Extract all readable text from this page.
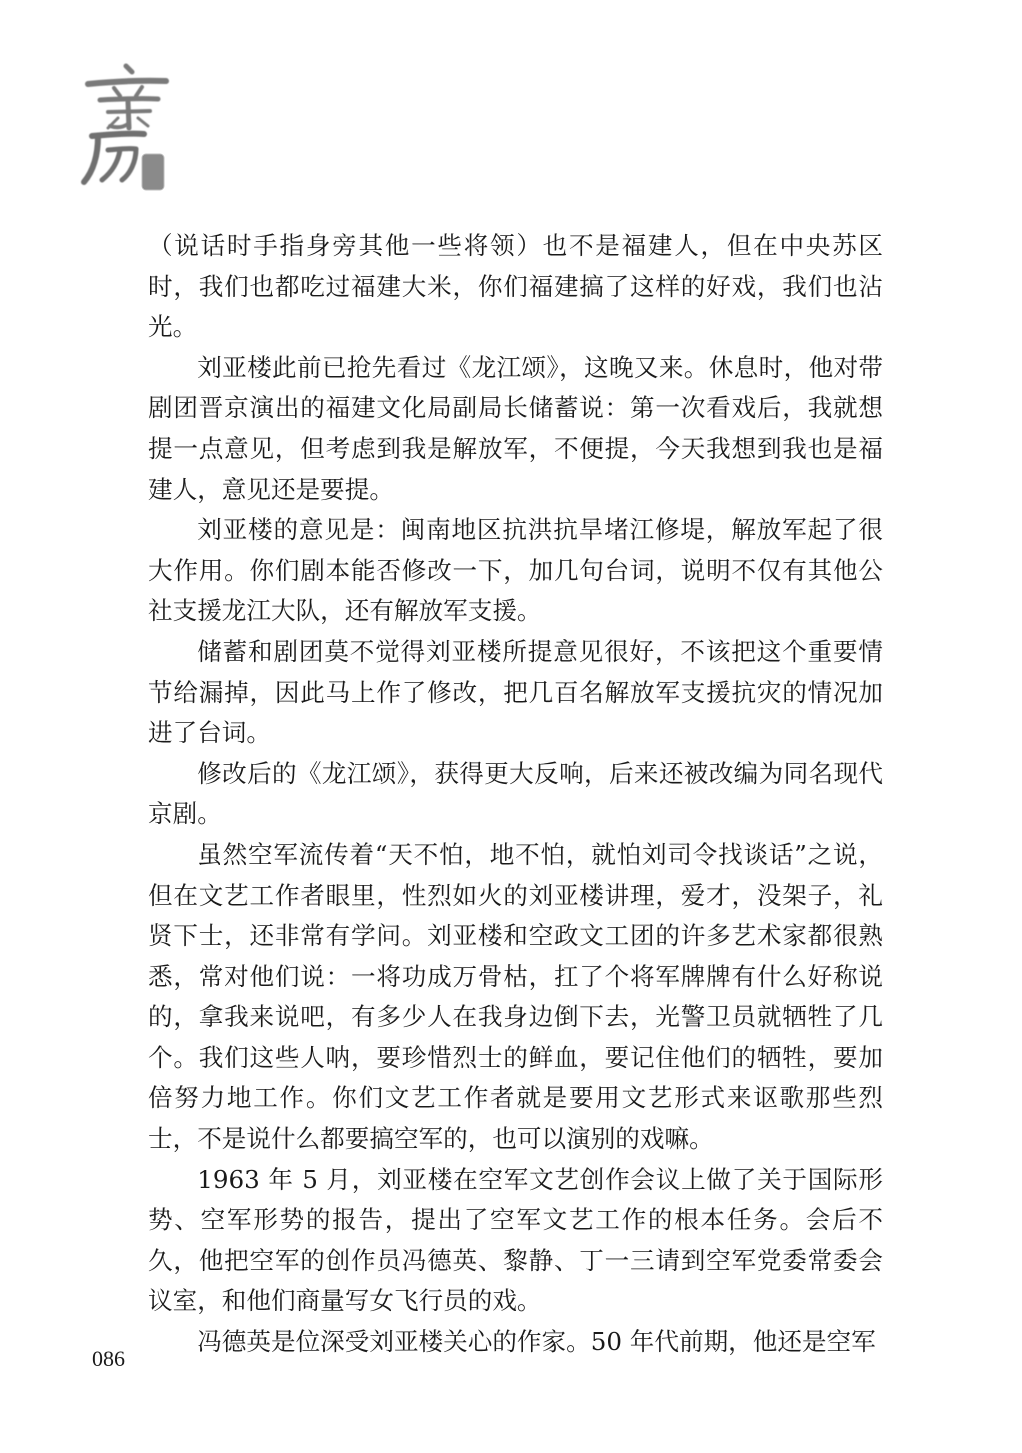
（说话时手指身旁其他一些将领）也不是福建人，但在中央苏区时，我们也都吃过福建大米，你们福建搞了这样的好戏，我们也沾光。

刘亚楼此前已抢先看过《龙江颂》，这晚又来。休息时，他对带剧团晋京演出的福建文化局副局长储蓄说：第一次看戏后，我就想提一点意见，但考虑到我是解放军，不便提，今天我想到我也是福建人，意见还是要提。

刘亚楼的意见是：闽南地区抗洪抗旱堵江修堤，解放军起了很大作用。你们剧本能否修改一下，加几句台词，说明不仅有其他公社支援龙江大队，还有解放军支援。

储蓄和剧团莫不觉得刘亚楼所提意见很好，不该把这个重要情节给漏掉，因此马上作了修改，把几百名解放军支援抗灾的情况加进了台词。

修改后的《龙江颂》，获得更大反响，后来还被改编为同名现代京剧。

虽然空军流传着“天不怕，地不怕，就怕刘司令找谈话”之说，但在文艺工作者眼里，性烈如火的刘亚楼讲理，爱才，没架子，礼贤下士，还非常有学问。刘亚楼和空政文工团的许多艺术家都很熟悉，常对他们说：一将功成万骨枯，扛了个将军牌牌有什么好称说的，拿我来说吧，有多少人在我身边倒下去，光警卫员就牺牲了几个。我们这些人呐，要珍惜烈士的鲜血，要记住他们的牺牲，要加倍努力地工作。你们文艺工作者就是要用文艺形式来讴歌那些烈士，不是说什么都要搞空军的，也可以演别的戏嘛。

1963 年 5 月，刘亚楼在空军文艺创作会议上做了关于国际形势、空军形势的报告，提出了空军文艺工作的根本任务。会后不久，他把空军的创作员冯德英、黎静、丁一三请到空军党委常委会议室，和他们商量写女飞行员的戏。

冯德英是位深受刘亚楼关心的作家。50 年代前期，他还是空军

086
